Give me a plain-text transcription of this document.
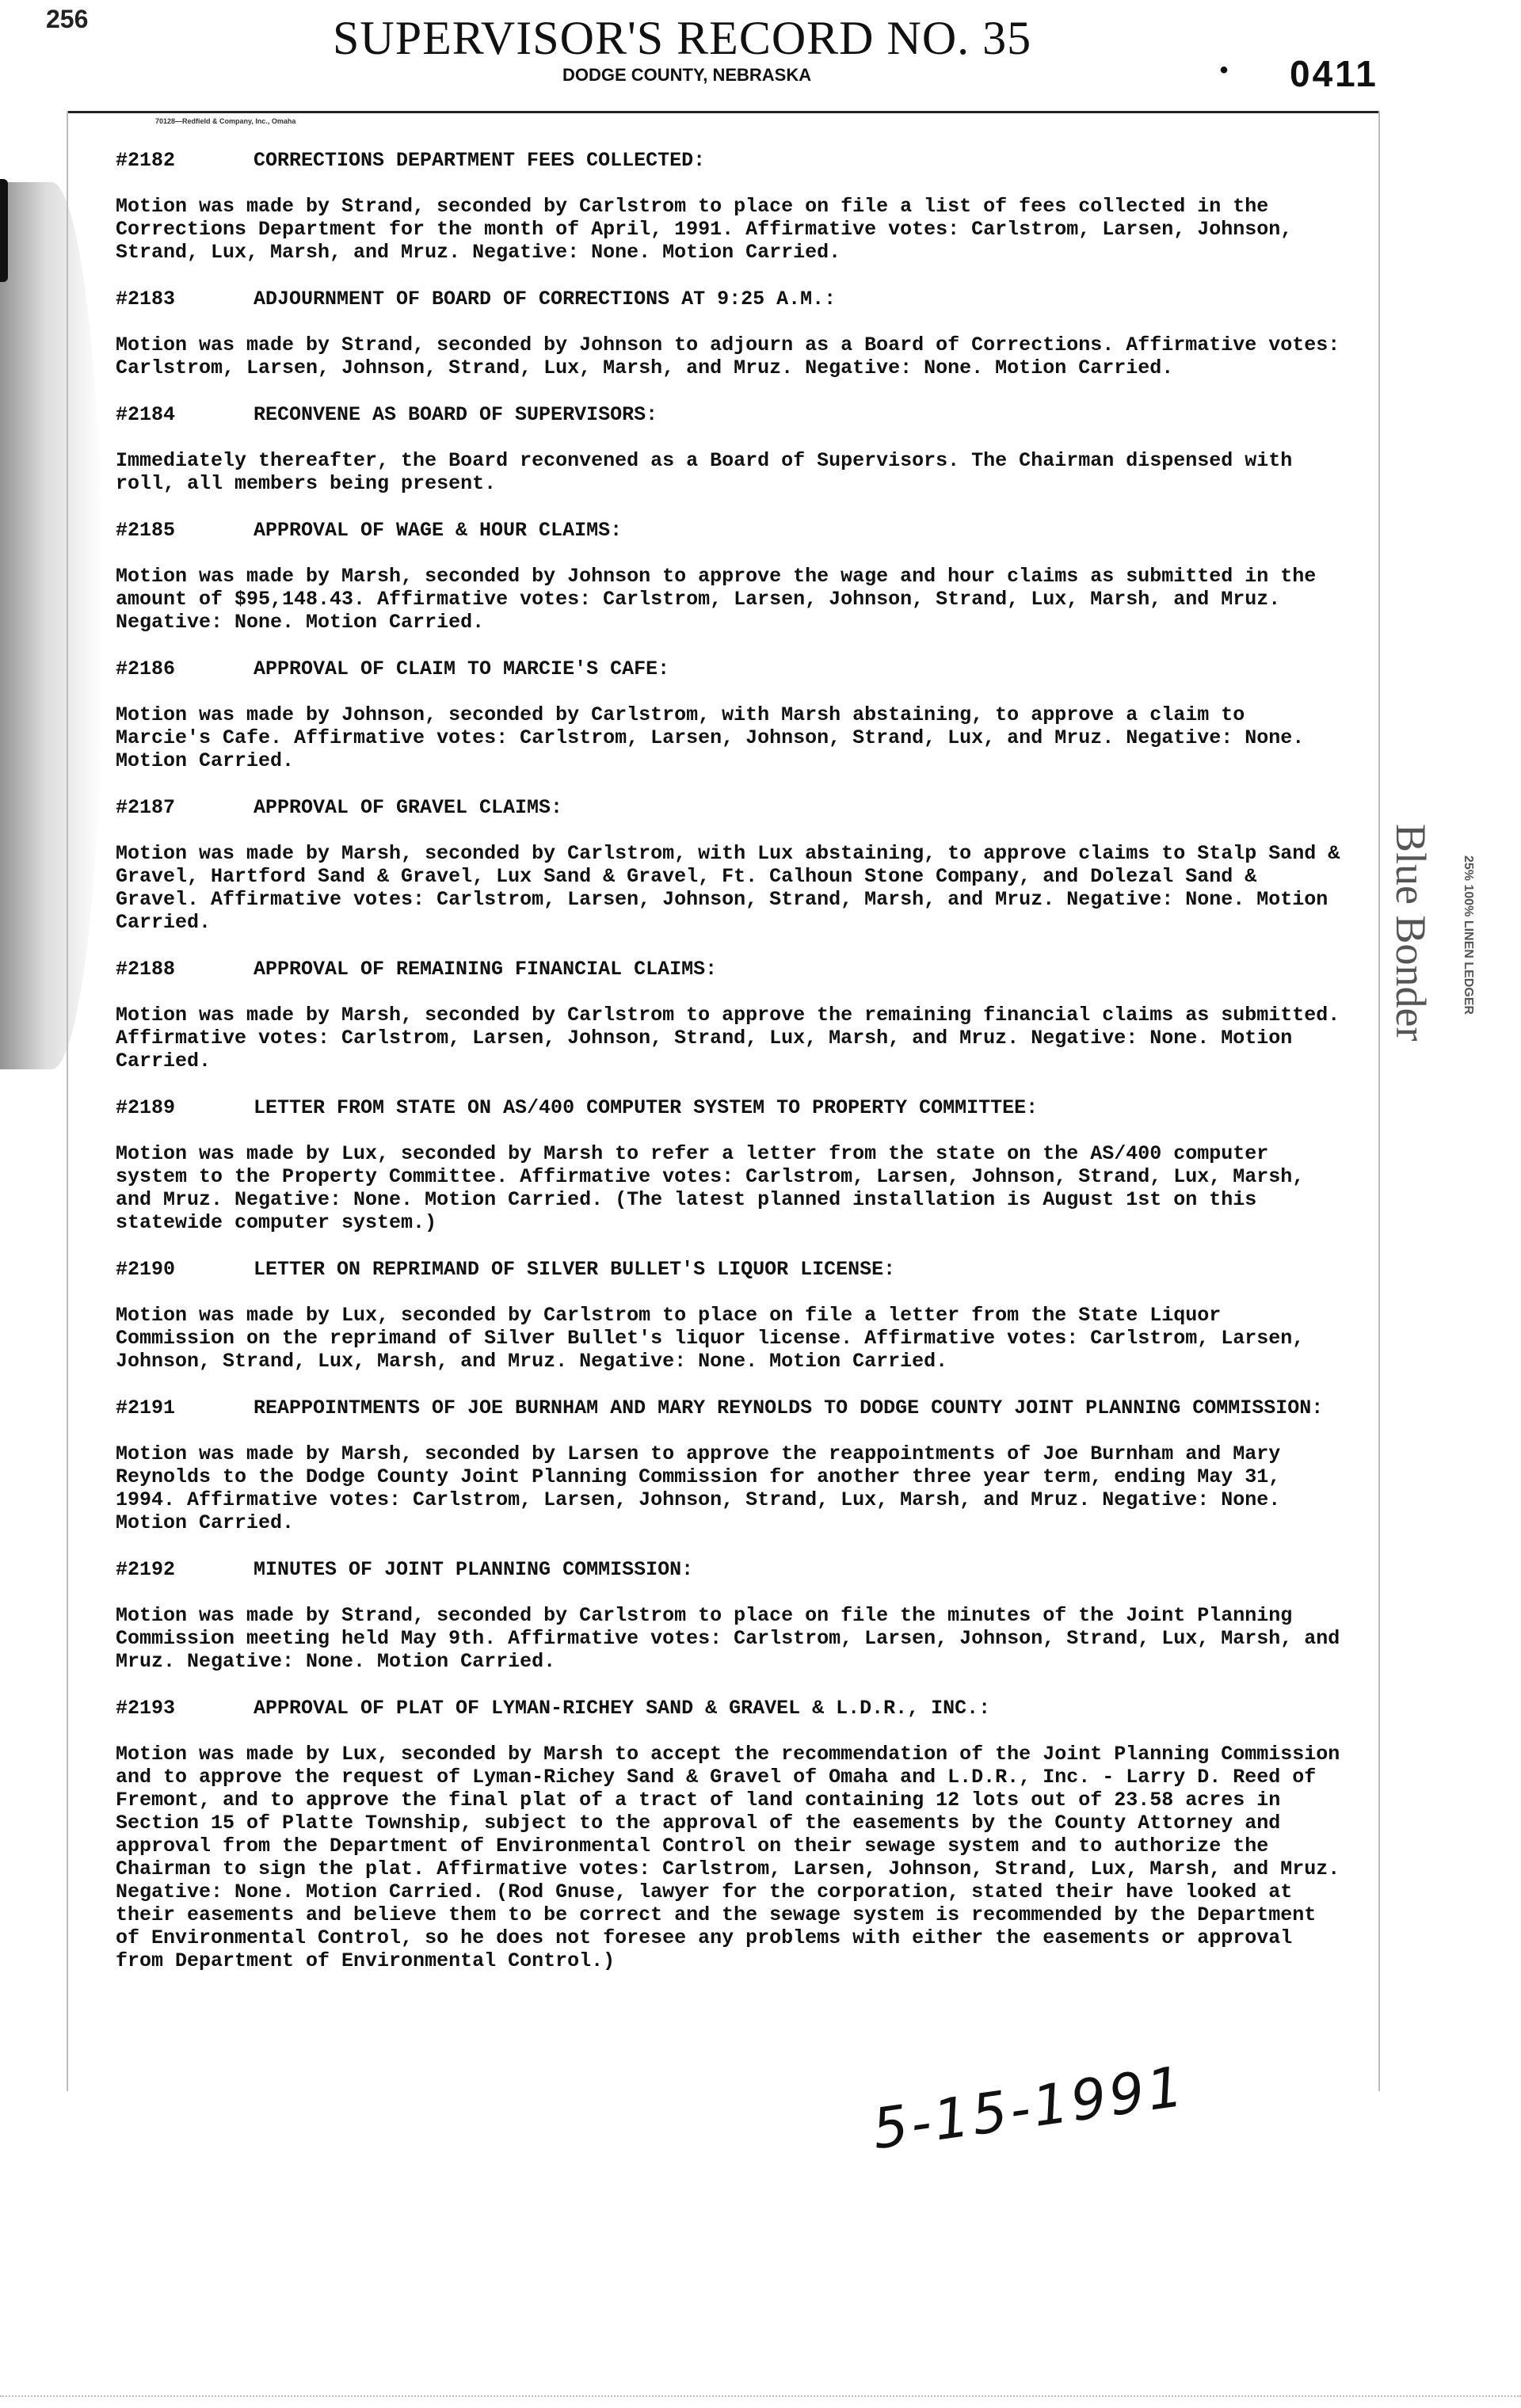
256	SUPERVISOR'S RECORD NO. 35
DODGE COUNTY, NEBRASKA	• 0411
70128—Redfield & Company, Inc., Omaha
#2182	CORRECTIONS DEPARTMENT FEES COLLECTED:
Motion was made by Strand, seconded by Carlstrom to place on file a list of fees collected in the Corrections Department for the month of April, 1991. Affirmative votes: Carlstrom, Larsen, Johnson, Strand, Lux, Marsh, and Mruz. Negative: None. Motion Carried.
#2183	ADJOURNMENT OF BOARD OF CORRECTIONS AT 9:25 A.M.:
Motion was made by Strand, seconded by Johnson to adjourn as a Board of Corrections. Affirmative votes: Carlstrom, Larsen, Johnson, Strand, Lux, Marsh, and Mruz. Negative: None. Motion Carried.
#2184	RECONVENE AS BOARD OF SUPERVISORS:
Immediately thereafter, the Board reconvened as a Board of Supervisors. The Chairman dispensed with roll, all members being present.
#2185	APPROVAL OF WAGE & HOUR CLAIMS:
Motion was made by Marsh, seconded by Johnson to approve the wage and hour claims as submitted in the amount of $95,148.43. Affirmative votes: Carlstrom, Larsen, Johnson, Strand, Lux, Marsh, and Mruz. Negative: None. Motion Carried.
#2186	APPROVAL OF CLAIM TO MARCIE'S CAFE:
Motion was made by Johnson, seconded by Carlstrom, with Marsh abstaining, to approve a claim to Marcie's Cafe. Affirmative votes: Carlstrom, Larsen, Johnson, Strand, Lux, and Mruz. Negative: None. Motion Carried.
#2187	APPROVAL OF GRAVEL CLAIMS:
Motion was made by Marsh, seconded by Carlstrom, with Lux abstaining, to approve claims to Stalp Sand & Gravel, Hartford Sand & Gravel, Lux Sand & Gravel, Ft. Calhoun Stone Company, and Dolezal Sand & Gravel. Affirmative votes: Carlstrom, Larsen, Johnson, Strand, Marsh, and Mruz. Negative: None. Motion Carried.
#2188	APPROVAL OF REMAINING FINANCIAL CLAIMS:
Motion was made by Marsh, seconded by Carlstrom to approve the remaining financial claims as submitted. Affirmative votes: Carlstrom, Larsen, Johnson, Strand, Lux, Marsh, and Mruz. Negative: None. Motion Carried.
#2189	LETTER FROM STATE ON AS/400 COMPUTER SYSTEM TO PROPERTY COMMITTEE:
Motion was made by Lux, seconded by Marsh to refer a letter from the state on the AS/400 computer system to the Property Committee. Affirmative votes: Carlstrom, Larsen, Johnson, Strand, Lux, Marsh, and Mruz. Negative: None. Motion Carried. (The latest planned installation is August 1st on this statewide computer system.)
#2190	LETTER ON REPRIMAND OF SILVER BULLET'S LIQUOR LICENSE:
Motion was made by Lux, seconded by Carlstrom to place on file a letter from the State Liquor Commission on the reprimand of Silver Bullet's liquor license. Affirmative votes: Carlstrom, Larsen, Johnson, Strand, Lux, Marsh, and Mruz. Negative: None. Motion Carried.
#2191	REAPPOINTMENTS OF JOE BURNHAM AND MARY REYNOLDS TO DODGE COUNTY JOINT PLANNING COMMISSION:
Motion was made by Marsh, seconded by Larsen to approve the reappointments of Joe Burnham and Mary Reynolds to the Dodge County Joint Planning Commission for another three year term, ending May 31, 1994. Affirmative votes: Carlstrom, Larsen, Johnson, Strand, Lux, Marsh, and Mruz. Negative: None. Motion Carried.
#2192	MINUTES OF JOINT PLANNING COMMISSION:
Motion was made by Strand, seconded by Carlstrom to place on file the minutes of the Joint Planning Commission meeting held May 9th. Affirmative votes: Carlstrom, Larsen, Johnson, Strand, Lux, Marsh, and Mruz. Negative: None. Motion Carried.
#2193	APPROVAL OF PLAT OF LYMAN-RICHEY SAND & GRAVEL & L.D.R., INC.:
Motion was made by Lux, seconded by Marsh to accept the recommendation of the Joint Planning Commission and to approve the request of Lyman-Richey Sand & Gravel of Omaha and L.D.R., Inc. - Larry D. Reed of Fremont, and to approve the final plat of a tract of land containing 12 lots out of 23.58 acres in Section 15 of Platte Township, subject to the approval of the easements by the County Attorney and approval from the Department of Environmental Control on their sewage system and to authorize the Chairman to sign the plat. Affirmative votes: Carlstrom, Larsen, Johnson, Strand, Lux, Marsh, and Mruz. Negative: None. Motion Carried. (Rod Gnuse, lawyer for the corporation, stated their have looked at their easements and believe them to be correct and the sewage system is recommended by the Department of Environmental Control, so he does not foresee any problems with either the easements or approval from Department of Environmental Control.)
Blue Bonder 25% 100% LINEN LEDGER
5-15-1991
